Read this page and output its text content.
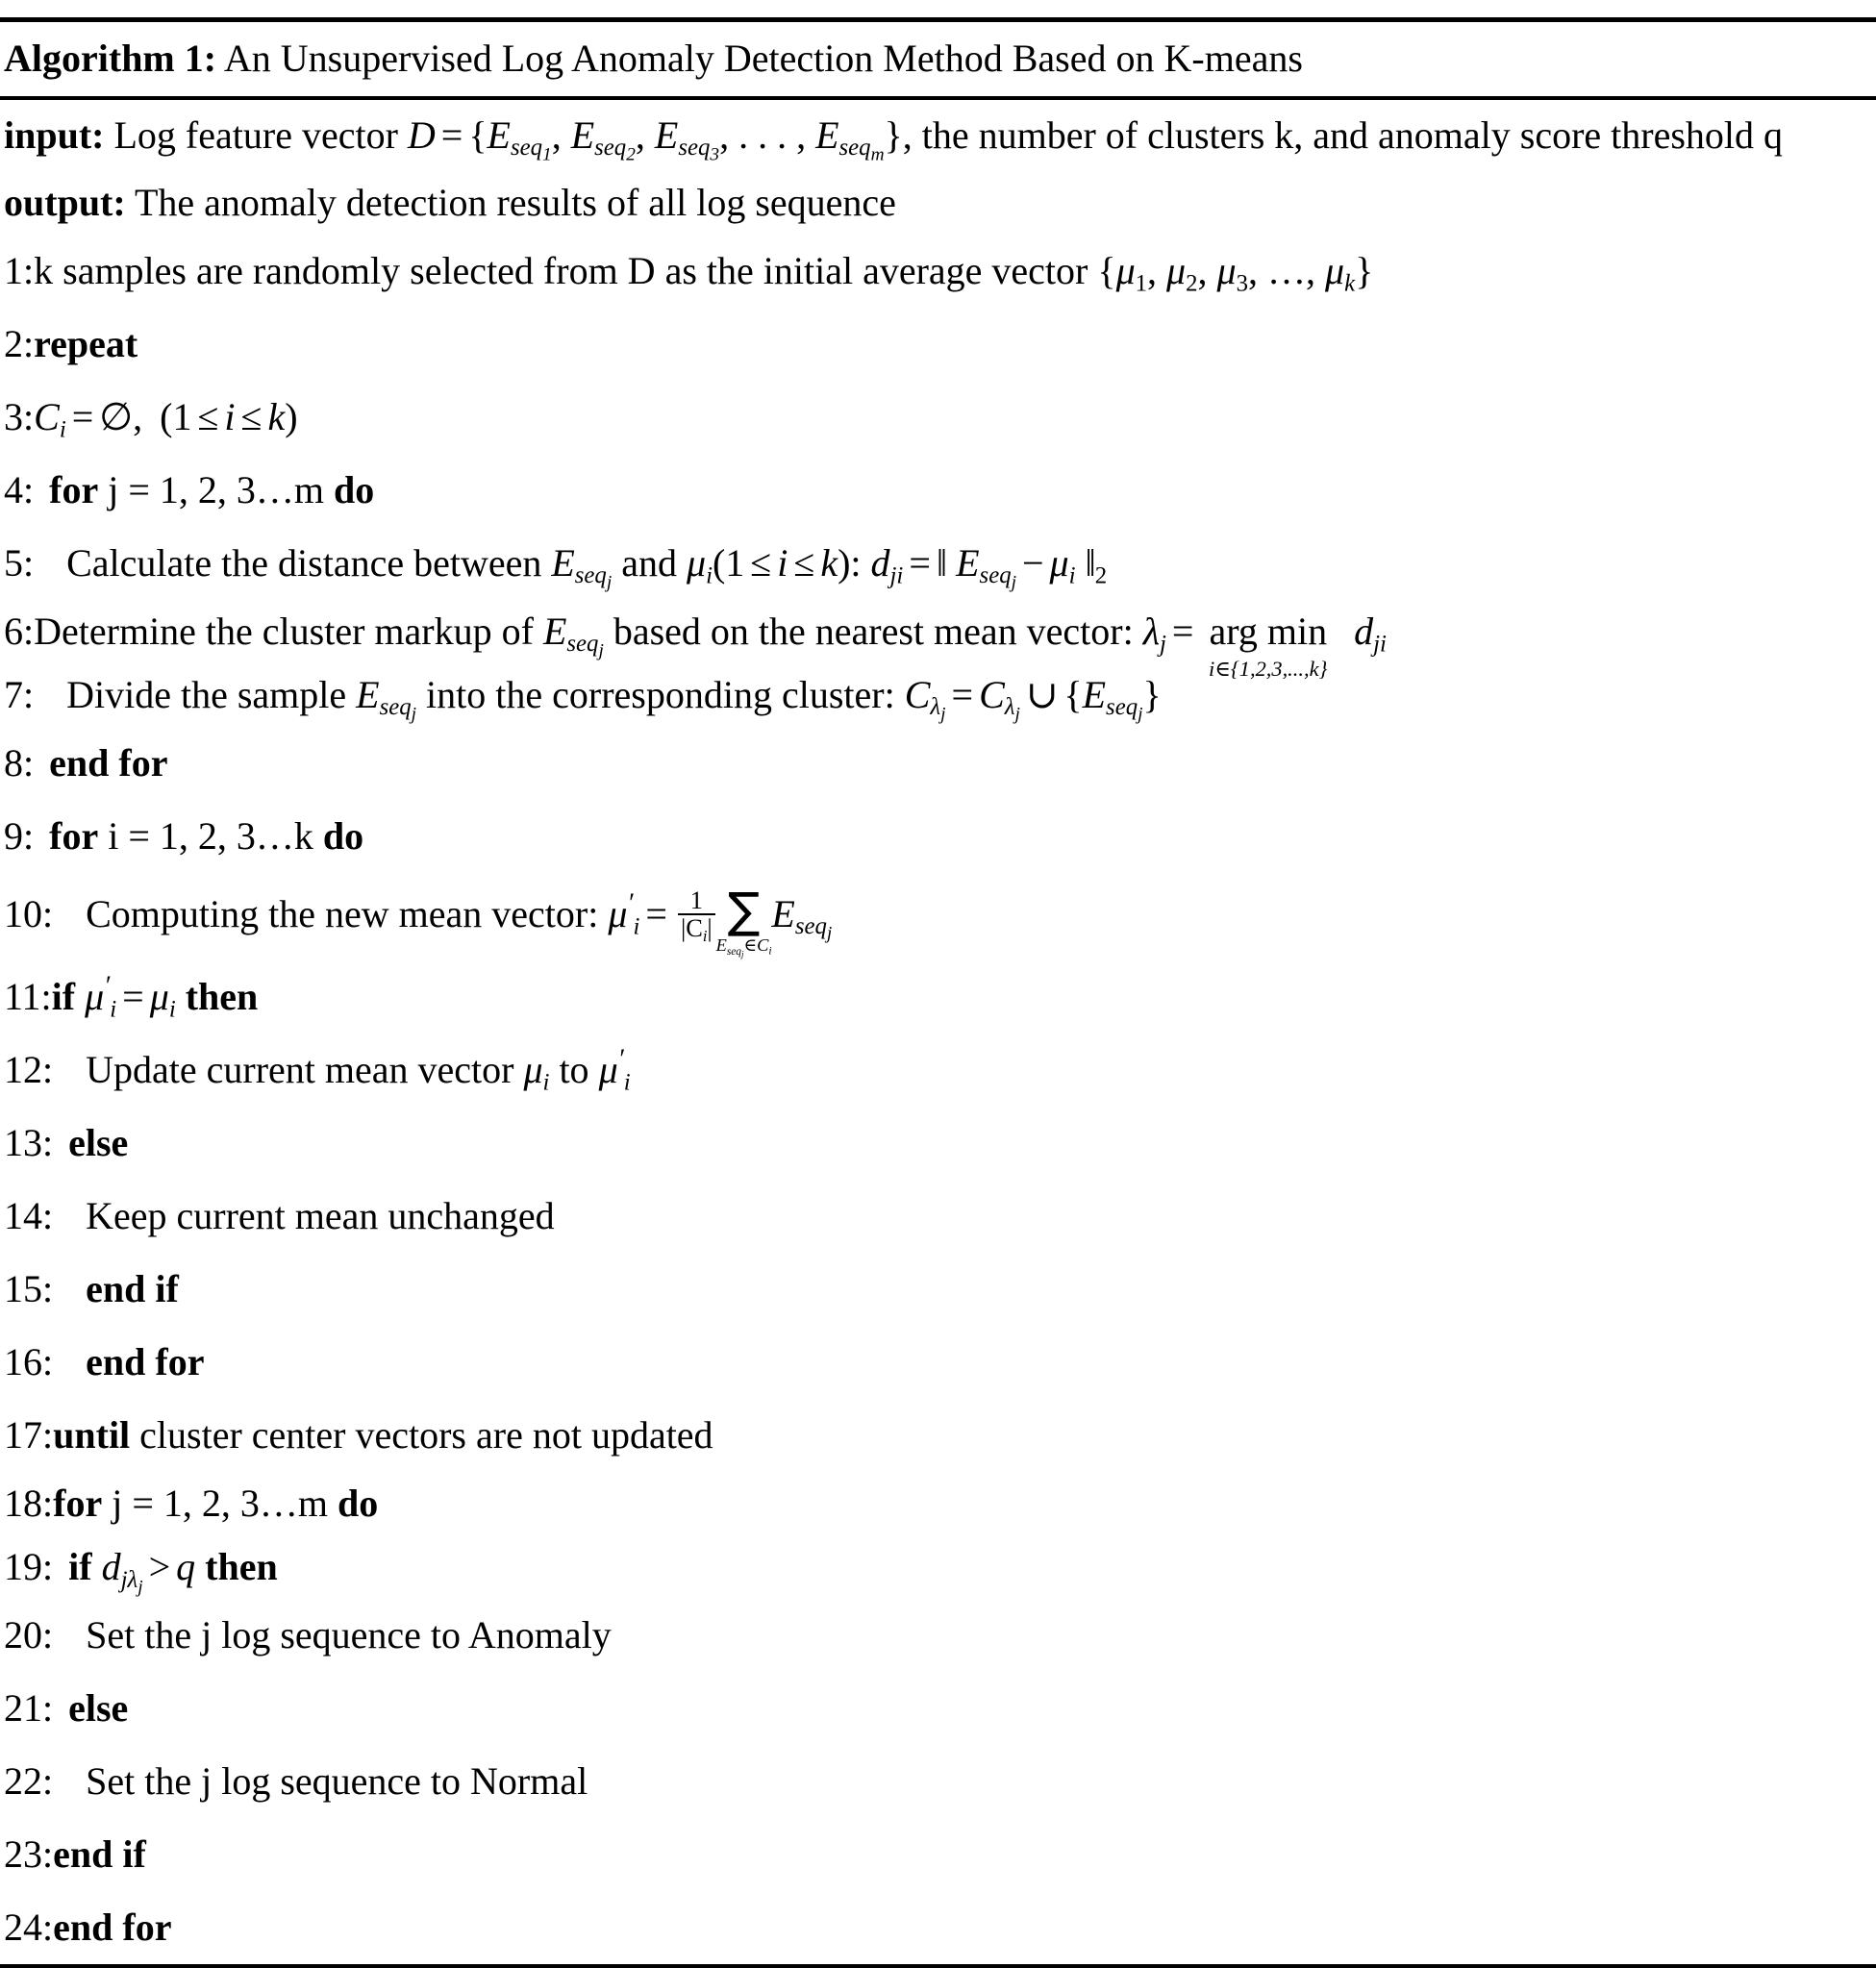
Algorithm 1: An Unsupervised Log Anomaly Detection Method Based on K-means
input: Log feature vector $D = \{E_{seq_1}$, $E_{seq_2}$, $E_{seq_3}$, . . . , $E_{seq_m}$}, the number of clusters k, and anomaly score threshold q
output: The anomaly detection results of all log sequence
1:k samples are randomly selected from D as the initial average vector {$\mu_1$, $\mu_2$, $\mu_3$, …, $\mu_k$}
2:repeat
$3:C_i$ = ∅, (1 ≤ i ≤ k)
4: for j = 1, 2, 3…m do
5: Calculate the distance between $E_{seq_j}$ and $\mu_i(1 \le i \le k)$: $d_{ji}$ = ‖ $E_{seq_j} - \mu_i$ $‖_2$
6:Determine the cluster markup of $E_{seq_j}$ based on the nearest mean vector: $\lambda_j$ = arg min
i∈{1,2,3,...,k}
$d_{ji}$
7: Divide the sample $E_{seq_j}$ into the corresponding cluster: $C_{\lambda_j} = C_{\lambda_j}$ ∪ $\{E_{seq_j}\}$
8: end for
9: for i = 1, 2, 3…k do
10: Computing the new mean vector: $\mu'_i = \frac{1}{|C_i|}$ ∑
$E_{seq_j}\in C_i$
$E_{seq_j}$
11:if $\mu'_i = \mu_i$ then
12: Update current mean vector $\mu_i$ to $\mu'_i$
13: else
14: Keep current mean unchanged
15: end if
16: end for
17:until cluster center vectors are not updated
18:for j = 1, 2, 3…m do
19: if $d_{j\lambda_j} > q$ then
20: Set the j log sequence to Anomaly
21: else
22: Set the j log sequence to Normal
23:end if
24:end for
